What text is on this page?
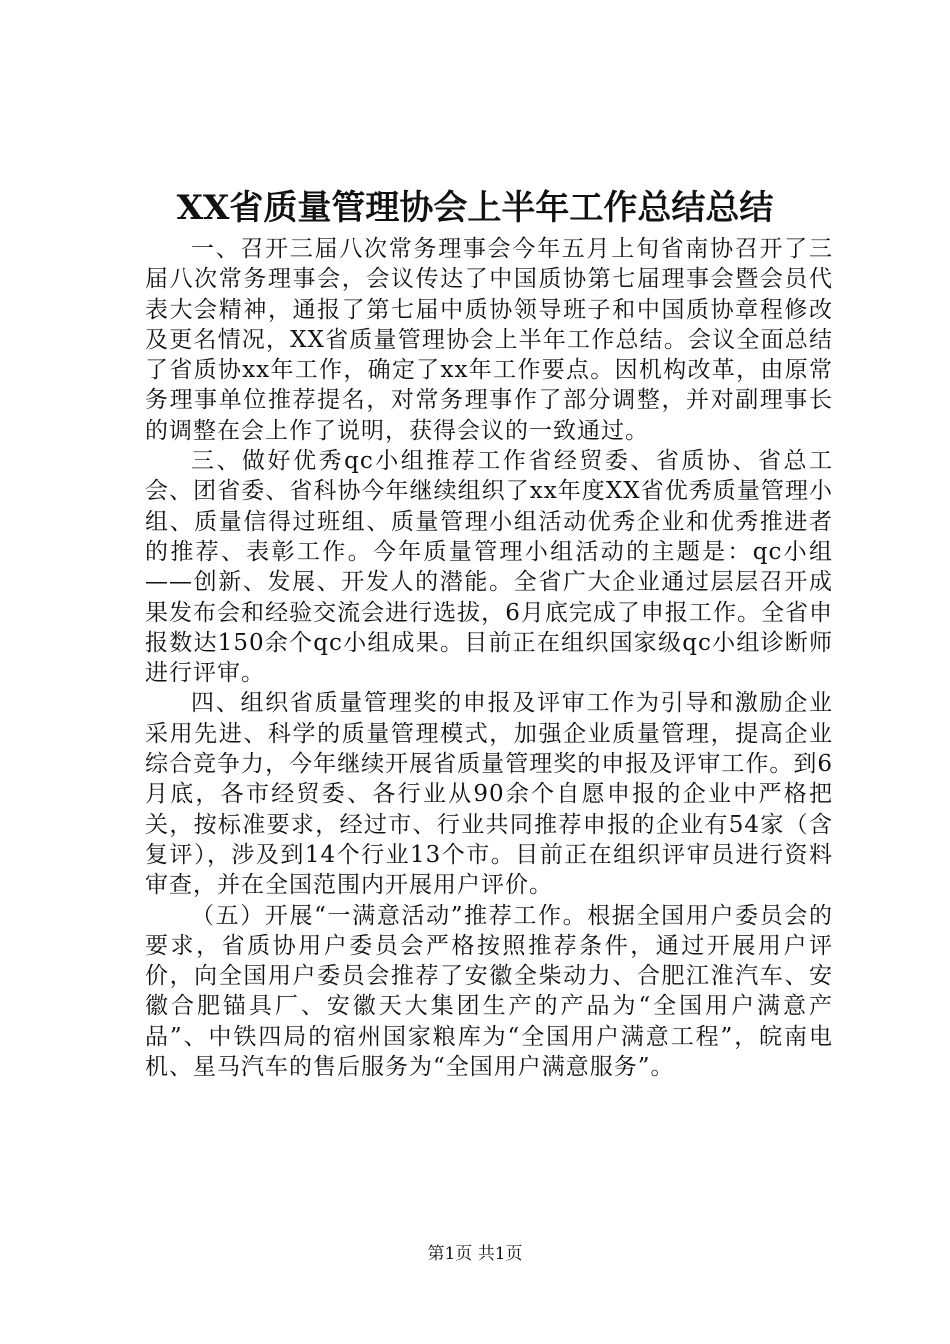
XX省质量管理协会上半年工作总结总结

一、召开三届八次常务理事会今年五月上旬省南协召开了三届八次常务理事会，会议传达了中国质协第七届理事会暨会员代表大会精神，通报了第七届中质协领导班子和中国质协章程修改及更名情况，XX省质量管理协会上半年工作总结。会议全面总结了省质协xx年工作，确定了xx年工作要点。因机构改革，由原常务理事单位推荐提名，对常务理事作了部分调整，并对副理事长的调整在会上作了说明，获得会议的一致通过。

三、做好优秀qc小组推荐工作省经贸委、省质协、省总工会、团省委、省科协今年继续组织了xx年度XX省优秀质量管理小组、质量信得过班组、质量管理小组活动优秀企业和优秀推进者的推荐、表彰工作。今年质量管理小组活动的主题是：qc小组——创新、发展、开发人的潜能。全省广大企业通过层层召开成果发布会和经验交流会进行选拔，6月底完成了申报工作。全省申报数达150余个qc小组成果。目前正在组织国家级qc小组诊断师进行评审。

四、组织省质量管理奖的申报及评审工作为引导和激励企业采用先进、科学的质量管理模式，加强企业质量管理，提高企业综合竞争力，今年继续开展省质量管理奖的申报及评审工作。到6月底，各市经贸委、各行业从90余个自愿申报的企业中严格把关，按标准要求，经过市、行业共同推荐申报的企业有54家（含复评），涉及到14个行业13个市。目前正在组织评审员进行资料审查，并在全国范围内开展用户评价。

（五）开展“一满意活动”推荐工作。根据全国用户委员会的要求，省质协用户委员会严格按照推荐条件，通过开展用户评价，向全国用户委员会推荐了安徽全柴动力、合肥江淮汽车、安徽合肥锚具厂、安徽天大集团生产的产品为“全国用户满意产品”、中铁四局的宿州国家粮库为“全国用户满意工程”，皖南电机、星马汽车的售后服务为“全国用户满意服务”。

第1页 共1页
